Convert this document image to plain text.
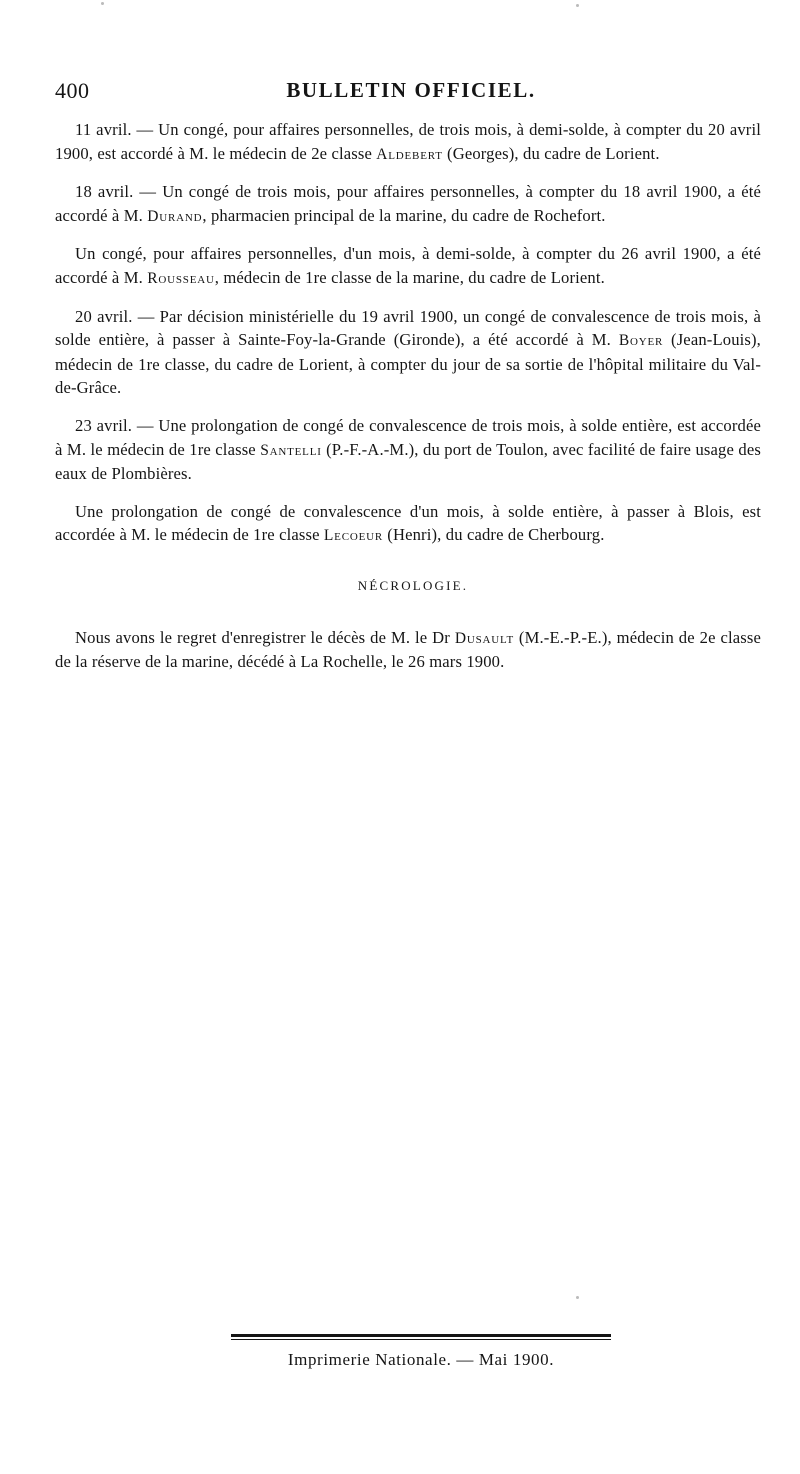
400	BULLETIN OFFICIEL.

11 avril. — Un congé, pour affaires personnelles, de trois mois, à demi-solde, à compter du 20 avril 1900, est accordé à M. le médecin de 2e classe Aldebert (Georges), du cadre de Lorient.

18 avril. — Un congé de trois mois, pour affaires personnelles, à compter du 18 avril 1900, a été accordé à M. Durand, pharmacien principal de la marine, du cadre de Rochefort.

Un congé, pour affaires personnelles, d'un mois, à demi-solde, à compter du 26 avril 1900, a été accordé à M. Rousseau, médecin de 1re classe de la marine, du cadre de Lorient.

20 avril. — Par décision ministérielle du 19 avril 1900, un congé de convalescence de trois mois, à solde entière, à passer à Sainte-Foy-la-Grande (Gironde), a été accordé à M. Boyer (Jean-Louis), médecin de 1re classe, du cadre de Lorient, à compter du jour de sa sortie de l'hôpital militaire du Val-de-Grâce.

23 avril. — Une prolongation de congé de convalescence de trois mois, à solde entière, est accordée à M. le médecin de 1re classe Santelli (P.-F.-A.-M.), du port de Toulon, avec facilité de faire usage des eaux de Plombières.

Une prolongation de congé de convalescence d'un mois, à solde entière, à passer à Blois, est accordée à M. le médecin de 1re classe Lecoeur (Henri), du cadre de Cherbourg.

NÉCROLOGIE.

Nous avons le regret d'enregistrer le décès de M. le Dr Dusault (M.-E.-P.-E.), médecin de 2e classe de la réserve de la marine, décédé à La Rochelle, le 26 mars 1900.

Imprimerie Nationale. — Mai 1900.
